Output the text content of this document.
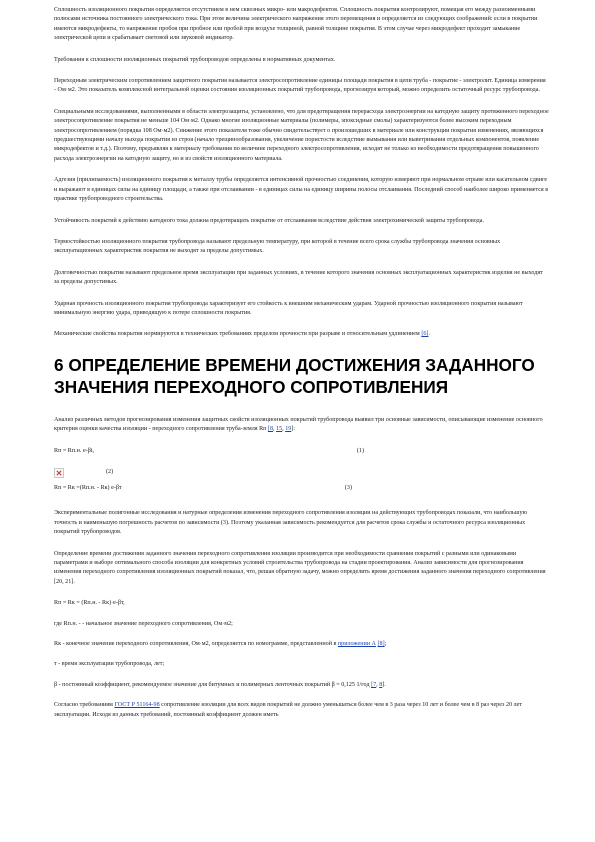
Сплошность изоляционного покрытия определяется отсутствием в нем сквозных микро- или макродефектов. Сплошность покрытия контролируют, помещая его между разноименными полюсами источника постоянного электрического тока. При этом величина электрического напряжения этого перемещения и определяется из следующих соображений: если в покрытии имеются микродефекты, то напряжение пробоя при пробное или пробой при воздухе толщиной, равной толщине покрытия. В этом случае через микродефект проходит замыкание электрической цепи и срабатывает световой или звуковой индикатор.

Требования к сплошности изоляционных покрытий трубопроводов определены в нормативных документах.

Переходным электрическим сопротивлением защитного покрытия называется электросопротивление единицы площади покрытия в цепи труба - покрытие - электролит. Единица измерения - Ом·м2. Это показатель комплексной интегральной оценки состояния изоляционных покрытий трубопровода, прогнозируя который, можно определить остаточный ресурс трубопровода.

Специальными исследованиями, выполненными в области электрозащиты, установлено, что для предотвращения перерасхода электроэнергии на катодную защиту протяженного переходное электросопротивление покрытия не меньше 104 Ом·м2. Однако многие изоляционные материалы (полимеры, эпоксидные смолы) характеризуются более высоким переходным электросопротивлением (порядка 108 Ом·м2). Снижение этого показателя тоже обычно свидетельствует о произошедших в материале или конструкции покрытия изменениях, являющихся предшествующими началу выхода покрытия из строя (начало трещинообразования, увеличение пористости вследствие вымывания или выветривания отдельных компонентов, появление микродефектов и т.д.). Поэтому, предъявляя к материалу требования по величине переходного электросопротивления, исходят не только из необходимости предотвращения повышенного расхода электроэнергии на катодную защиту, но и из свойств изоляционного материала.

Адгезия (прилипаемость) изоляционного покрытия к металлу трубы определяется интенсивной прочностью соединения, которую измеряют при нормальном отрыве или касательном сдвиге и выражают в единицах силы на единицу площади, а также при отслаивании - в единицах силы на единицу ширины полосы отслаивания. Последний способ наиболее широко применяется в практике трубопроводного строительства.

Устойчивость покрытий к действию катодного тока должна предотвращать покрытие от отслаивания вследствие действия электрохимической защиты трубопровода.

Термостойкостью изоляционного покрытия трубопровода называют предельную температуру, при которой в течение всего срока службы трубопровода значения основных эксплуатационных характеристик покрытия не выходят за пределы допустимых.

Долговечностью покрытия называют предельное время эксплуатации при заданных условиях, в течение которого значения основных эксплуатационных характеристик изделия не выходят за пределы допустимых.

Ударная прочность изоляционного покрытия трубопровода характеризует его стойкость к внешним механическим ударам. Ударной прочностью изоляционного покрытия называют минимальную энергию удара, приводящую к потере сплошности покрытия.

Механические свойства покрытия нормируются в технических требованиях пределом прочности при разрыве и относительным удлинением [6].

6 ОПРЕДЕЛЕНИЕ ВРЕМЕНИ ДОСТИЖЕНИЯ ЗАДАННОГО ЗНАЧЕНИЯ ПЕРЕХОДНОГО СОПРОТИВЛЕНИЯ

Анализ различных методов прогнозирования изменения защитных свойств изоляционных покрытий трубопровода выявил три основные зависимости, описывающие изменение основного критерия оценки качества изоляции - переходного сопротивления труба-земля Rп [8, 15, 19]:

Rп = Rп.н. e-βt,	(1)
(2)
Rп = Rк =(Rп.н. - Rк) e-βт	(3)

Экспериментальные полигонные исследования и натурные определения изменения переходного сопротивления изоляции на действующих трубопроводах показали, что наибольшую точность и наименьшую погрешность расчетов по зависимости (3). Поэтому указанная зависимость рекомендуется для расчетов срока службы и остаточного ресурса изоляционных покрытий трубопроводов.

Определение времени достижения заданного значения переходного сопротивления изоляции производится при необходимости сравнения покрытий с разными или одинаковыми параметрами и выборе оптимального способа изоляции для конкретных условий строительства трубопровода на стадии проектирования. Анализ зависимости для прогнозирования изменения переходного сопротивления изоляционных покрытий показал, что, решая обратную задачу, можно определить время достижения заданного значения переходного сопротивления [20, 21].

Rп = Rк = (Rп.н. - Rк)·e-βт,

где Rп.н. - - начальное значение переходного сопротивления, Ом·м2;

Rк - конечное значение переходного сопротивления, Ом·м2, определяется по номограмме, представленной в приложении А [8];

т - время эксплуатации трубопровода, лет;

β - постоянный коэффициент, рекомендуемое значение для битумных и полимерных ленточных покрытий β = 0,125 1/год [7, 8].

Согласно требованиям ГОСТ Р 51164-98 сопротивление изоляции для всех видов покрытий не должно уменьшаться более чем в 3 раза через 10 лет и более чем в 8 раз через 20 лет эксплуатации. Исходя из данных требований, постоянный коэффициент должен иметь
